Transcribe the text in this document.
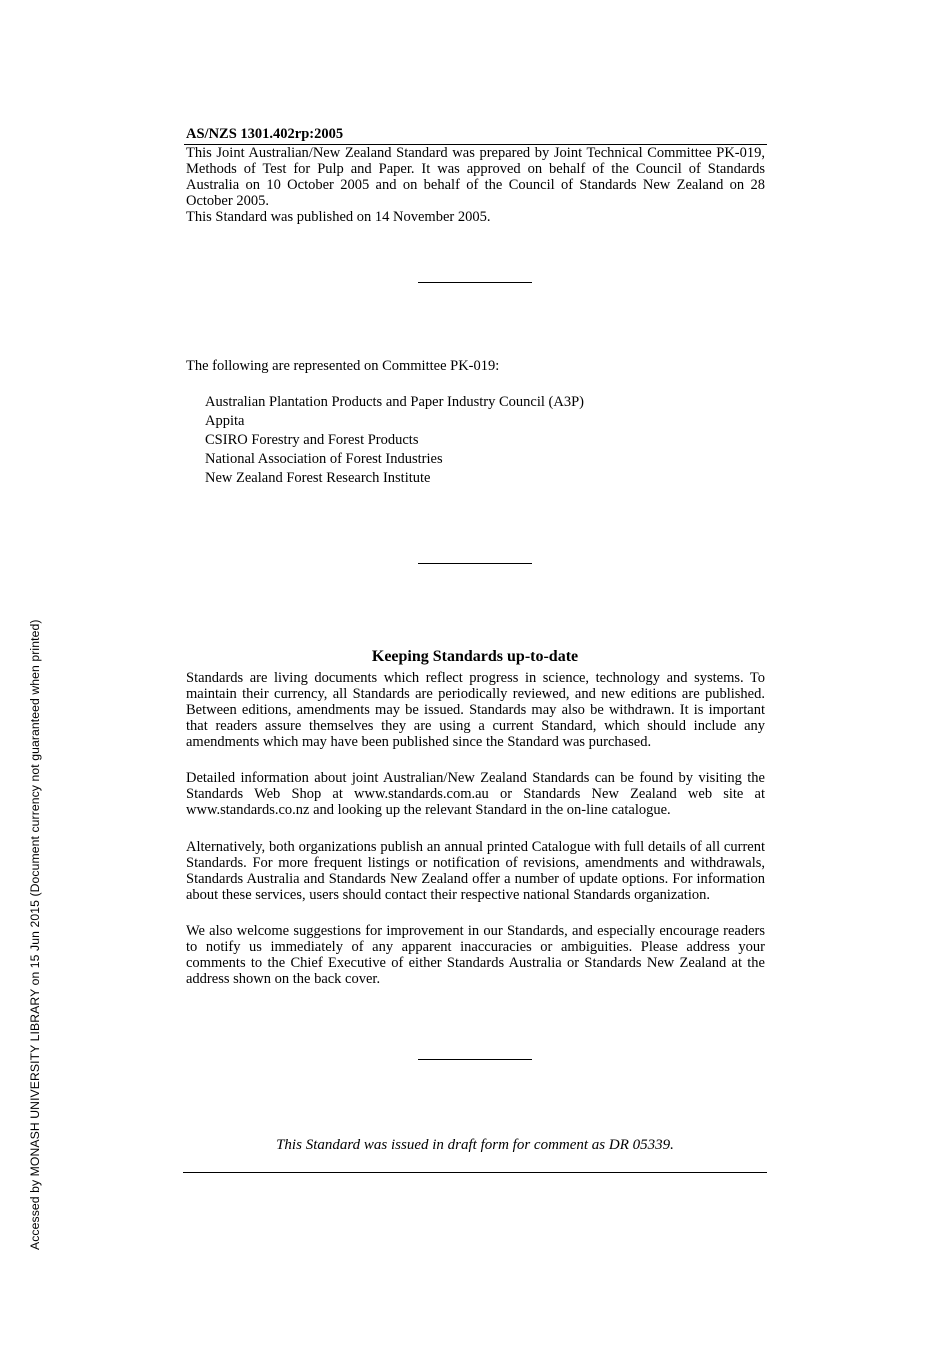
Accessed by MONASH UNIVERSITY LIBRARY on 15 Jun 2015 (Document currency not guaranteed when printed)
AS/NZS 1301.402rp:2005

This Joint Australian/New Zealand Standard was prepared by Joint Technical Committee PK-019, Methods of Test for Pulp and Paper. It was approved on behalf of the Council of Standards Australia on 10 October 2005 and on behalf of the Council of Standards New Zealand on 28 October 2005.

This Standard was published on 14 November 2005.

The following are represented on Committee PK-019:

Australian Plantation Products and Paper Industry Council (A3P)
Appita
CSIRO Forestry and Forest Products
National Association of Forest Industries
New Zealand Forest Research Institute
Keeping Standards up-to-date

Standards are living documents which reflect progress in science, technology and systems. To maintain their currency, all Standards are periodically reviewed, and new editions are published. Between editions, amendments may be issued. Standards may also be withdrawn. It is important that readers assure themselves they are using a current Standard, which should include any amendments which may have been published since the Standard was purchased.

Detailed information about joint Australian/New Zealand Standards can be found by visiting the Standards Web Shop at www.standards.com.au or Standards New Zealand web site at www.standards.co.nz and looking up the relevant Standard in the on-line catalogue.

Alternatively, both organizations publish an annual printed Catalogue with full details of all current Standards. For more frequent listings or notification of revisions, amendments and withdrawals, Standards Australia and Standards New Zealand offer a number of update options. For information about these services, users should contact their respective national Standards organization.

We also welcome suggestions for improvement in our Standards, and especially encourage readers to notify us immediately of any apparent inaccuracies or ambiguities. Please address your comments to the Chief Executive of either Standards Australia or Standards New Zealand at the address shown on the back cover.

This Standard was issued in draft form for comment as DR 05339.
